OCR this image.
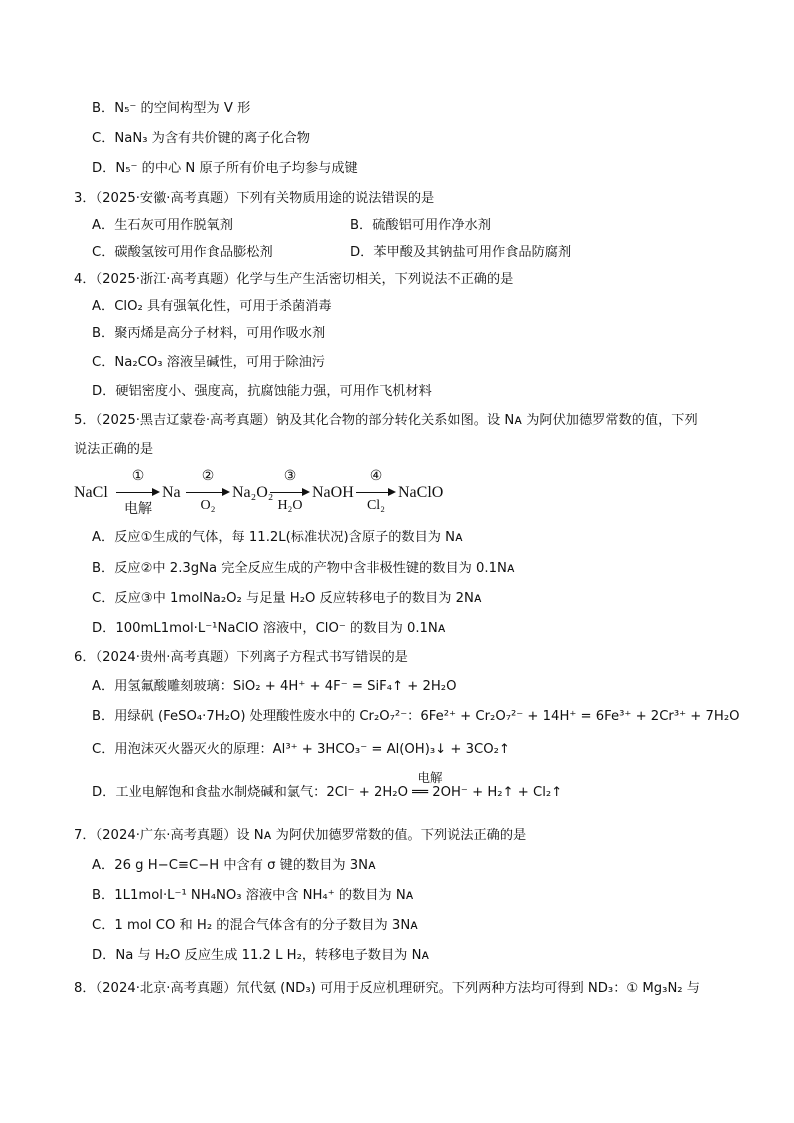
B．N₅⁻ 的空间构型为 V 形
C．NaN₃ 为含有共价键的离子化合物
D．N₅⁻ 的中心 N 原子所有价电子均参与成键
3．（2025·安徽·高考真题）下列有关物质用途的说法错误的是
A．生石灰可用作脱氧剂	B．硫酸铝可用作净水剂
C．碳酸氢铵可用作食品膨松剂	D．苯甲酸及其钠盐可用作食品防腐剂
4．（2025·浙江·高考真题）化学与生产生活密切相关，下列说法不正确的是
A．ClO₂ 具有强氧化性，可用于杀菌消毒
B．聚丙烯是高分子材料，可用作吸水剂
C．Na₂CO₃ 溶液呈碱性，可用于除油污
D．硬铝密度小、强度高，抗腐蚀能力强，可用作飞机材料
5．（2025·黑吉辽蒙卷·高考真题）钠及其化合物的部分转化关系如图。设 Nᴀ 为阿伏加德罗常数的值，下列
说法正确的是
NaCl
①
电解
Na
②
O₂
Na₂O₂
③
H₂O
NaOH
④
Cl₂
NaClO
A．反应①生成的气体，每 11.2L(标准状况)含原子的数目为 Nᴀ
B．反应②中 2.3gNa 完全反应生成的产物中含非极性键的数目为 0.1Nᴀ
C．反应③中 1molNa₂O₂ 与足量 H₂O 反应转移电子的数目为 2Nᴀ
D．100mL1mol·L⁻¹NaClO 溶液中，ClO⁻ 的数目为 0.1Nᴀ
6．（2024·贵州·高考真题）下列离子方程式书写错误的是
A．用氢氟酸雕刻玻璃：SiO₂ + 4H⁺ + 4F⁻ = SiF₄↑ + 2H₂O
B．用绿矾 (FeSO₄·7H₂O) 处理酸性废水中的 Cr₂O₇²⁻：6Fe²⁺ + Cr₂O₇²⁻ + 14H⁺ = 6Fe³⁺ + 2Cr³⁺ + 7H₂O
C．用泡沫灭火器灭火的原理：Al³⁺ + 3HCO₃⁻ = Al(OH)₃↓ + 3CO₂↑
电解
D．工业电解饱和食盐水制烧碱和氯气：2Cl⁻ + 2H₂O ══ 2OH⁻ + H₂↑ + Cl₂↑
7．（2024·广东·高考真题）设 Nᴀ 为阿伏加德罗常数的值。下列说法正确的是
A．26 g H−C≡C−H 中含有 σ 键的数目为 3Nᴀ
B．1L1mol·L⁻¹ NH₄NO₃ 溶液中含 NH₄⁺ 的数目为 Nᴀ
C．1 mol CO 和 H₂ 的混合气体含有的分子数目为 3Nᴀ
D．Na 与 H₂O 反应生成 11.2 L H₂，转移电子数目为 Nᴀ
8．（2024·北京·高考真题）氘代氨 (ND₃) 可用于反应机理研究。下列两种方法均可得到 ND₃：① Mg₃N₂ 与
